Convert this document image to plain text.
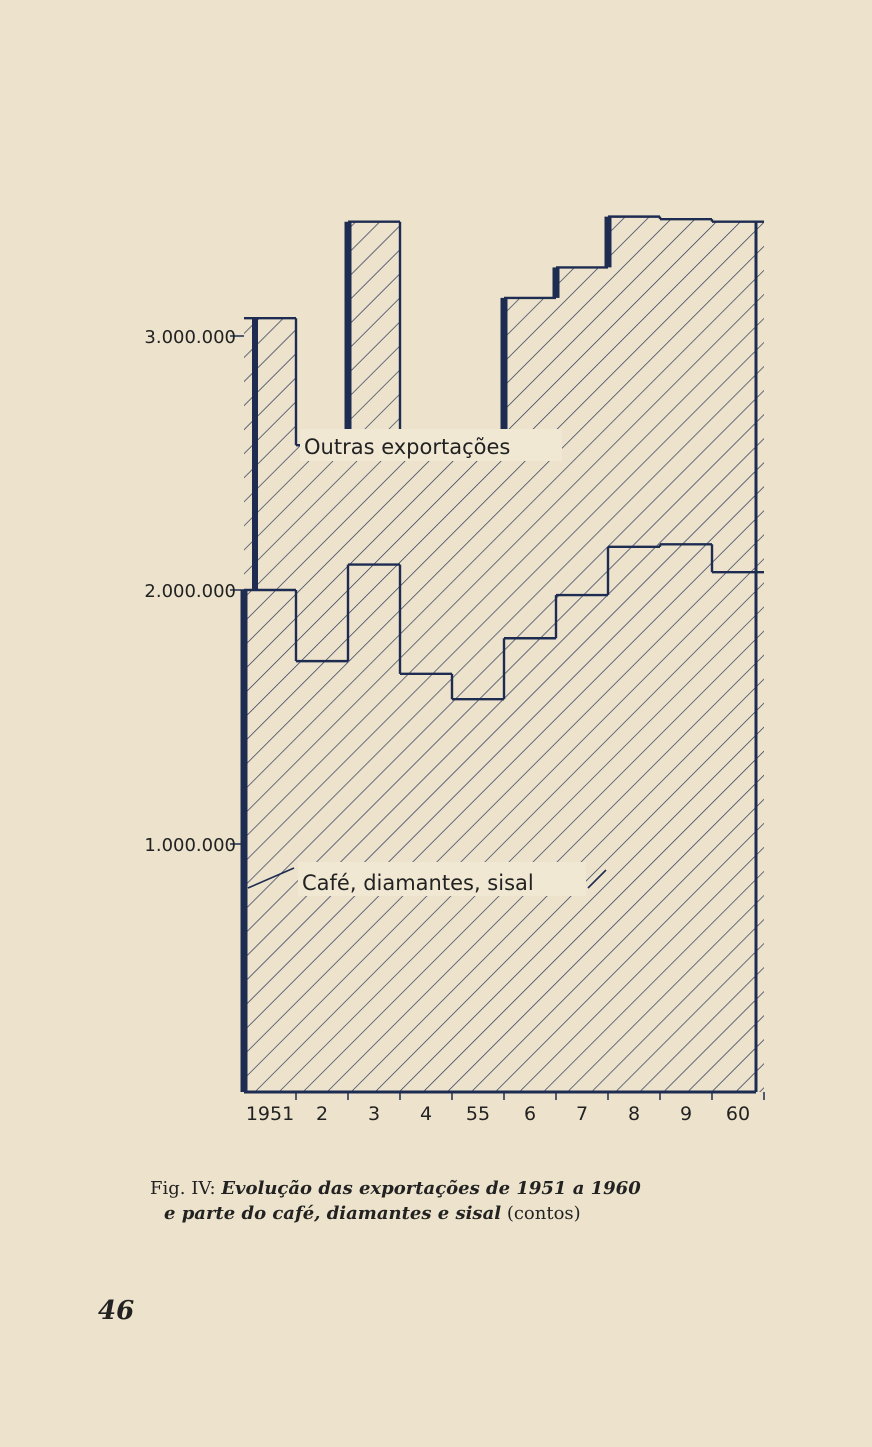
1951 2 3 4 55 6 7 8 9 60
3.000.000
2.000.000
1.000.000
Outras exportações
Café, diamantes, sisal
Fig. IV: Evolução das exportações de 1951 a 1960
e parte do café, diamantes e sisal (contos)
46
